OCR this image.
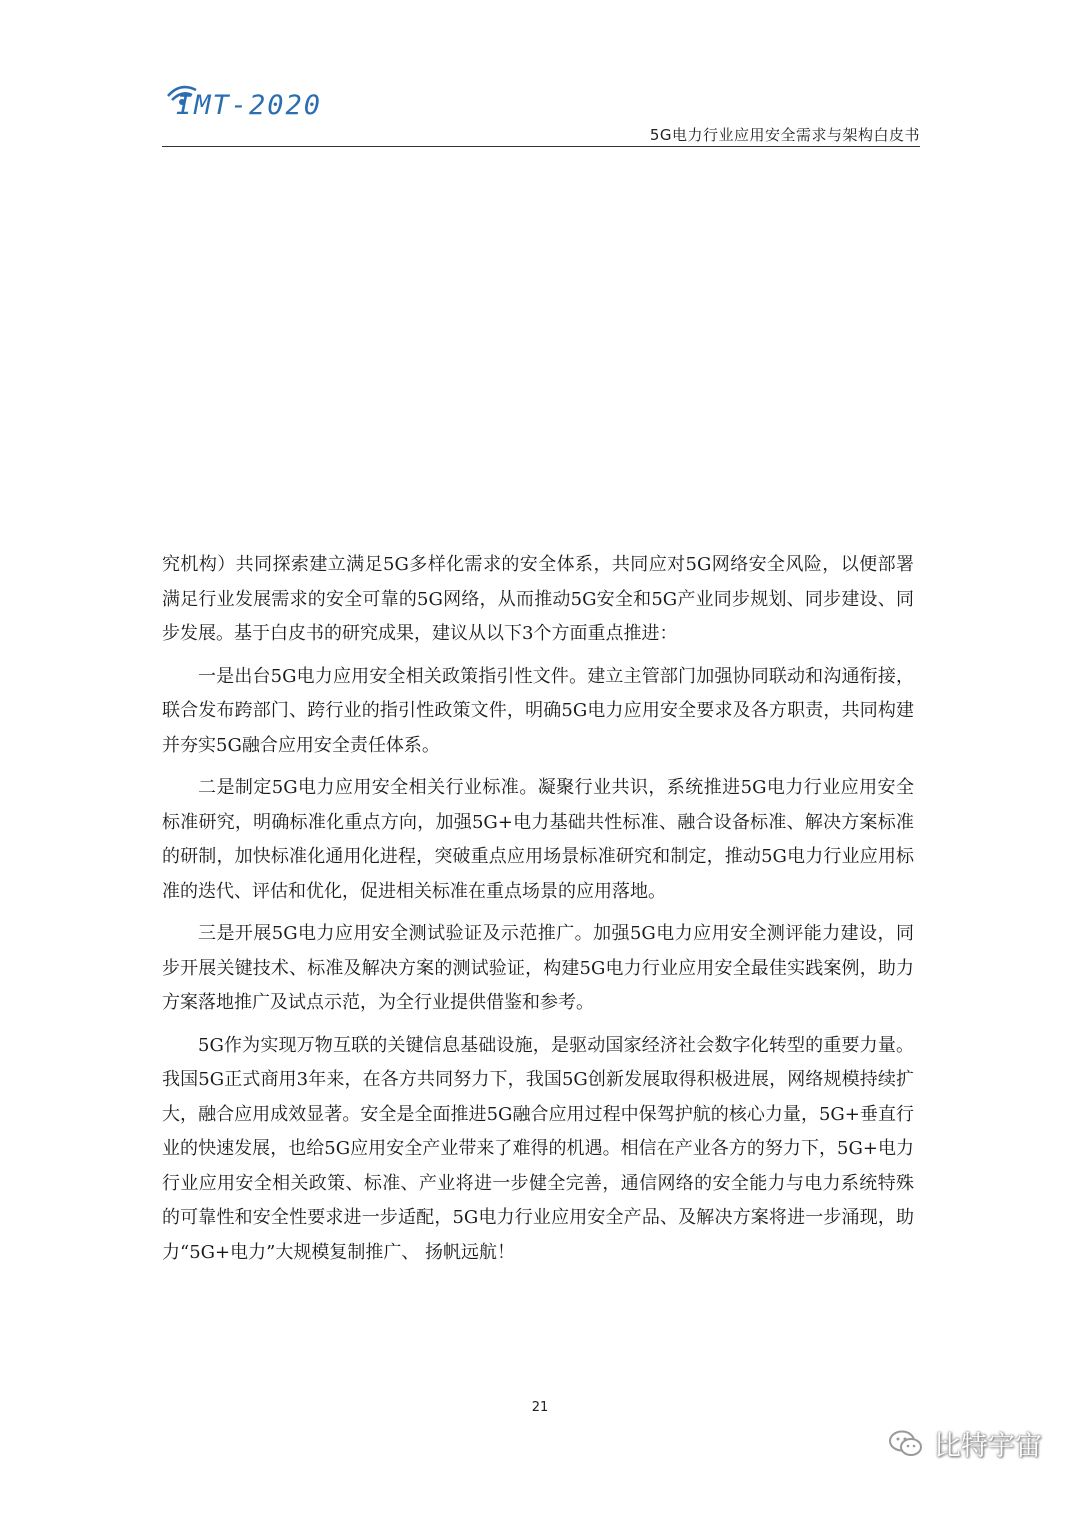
IMT-2020
5G电力行业应用安全需求与架构白皮书

究机构）共同探索建立满足5G多样化需求的安全体系，共同应对5G网络安全风险，以便部署满足行业发展需求的安全可靠的5G网络，从而推动5G安全和5G产业同步规划、同步建设、同步发展。基于白皮书的研究成果，建议从以下3个方面重点推进：

一是出台5G电力应用安全相关政策指引性文件。建立主管部门加强协同联动和沟通衔接，联合发布跨部门、跨行业的指引性政策文件，明确5G电力应用安全要求及各方职责，共同构建并夯实5G融合应用安全责任体系。

二是制定5G电力应用安全相关行业标准。凝聚行业共识，系统推进5G电力行业应用安全标准研究，明确标准化重点方向，加强5G+电力基础共性标准、融合设备标准、解决方案标准的研制，加快标准化通用化进程，突破重点应用场景标准研究和制定，推动5G电力行业应用标准的迭代、评估和优化，促进相关标准在重点场景的应用落地。

三是开展5G电力应用安全测试验证及示范推广。加强5G电力应用安全测评能力建设，同步开展关键技术、标准及解决方案的测试验证，构建5G电力行业应用安全最佳实践案例，助力方案落地推广及试点示范，为全行业提供借鉴和参考。

5G作为实现万物互联的关键信息基础设施，是驱动国家经济社会数字化转型的重要力量。我国5G正式商用3年来，在各方共同努力下，我国5G创新发展取得积极进展，网络规模持续扩大，融合应用成效显著。安全是全面推进5G融合应用过程中保驾护航的核心力量，5G+垂直行业的快速发展，也给5G应用安全产业带来了难得的机遇。相信在产业各方的努力下，5G+电力行业应用安全相关政策、标准、产业将进一步健全完善，通信网络的安全能力与电力系统特殊的可靠性和安全性要求进一步适配，5G电力行业应用安全产品、及解决方案将进一步涌现，助力“5G+电力”大规模复制推广、 扬帆远航！

21
比特宇宙
